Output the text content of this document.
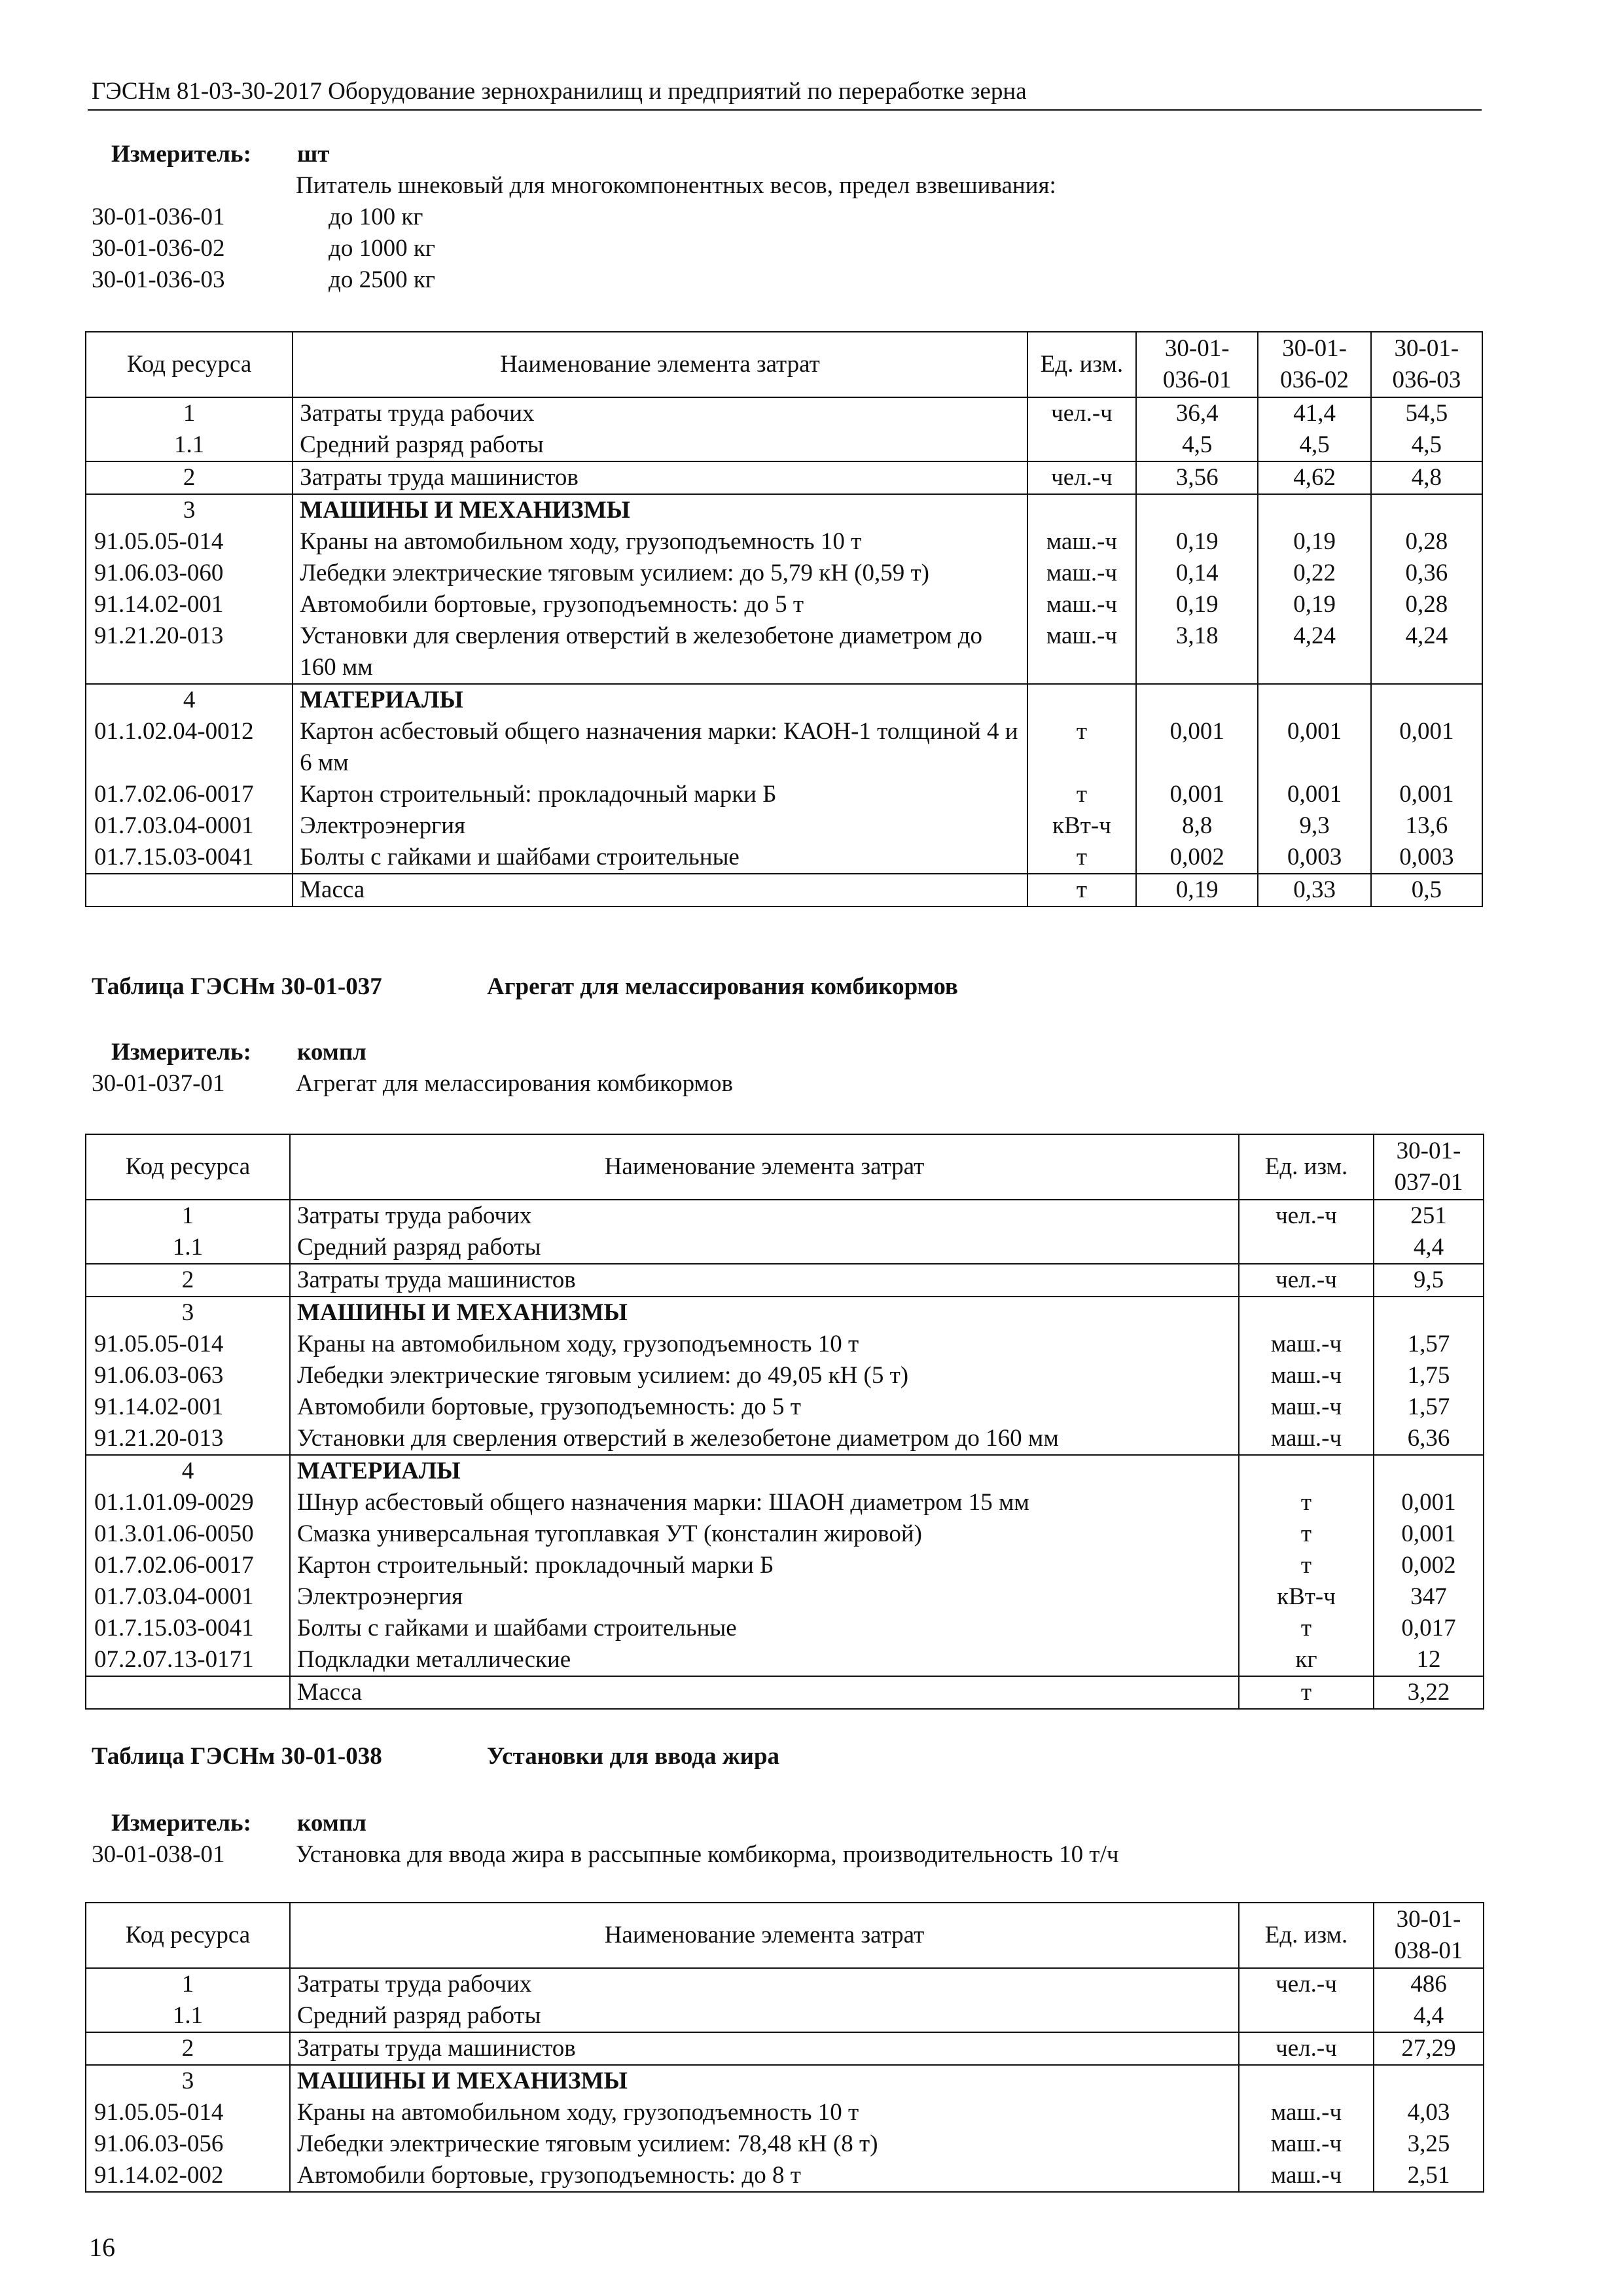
ГЭСНм 81-03-30-2017 Оборудование зернохранилищ и предприятий по переработке зерна
Измеритель: шт
Питатель шнековый для многокомпонентных весов, предел взвешивания:
30-01-036-01	до 100 кг
30-01-036-02	до 1000 кг
30-01-036-03	до 2500 кг
Код ресурса	Наименование элемента затрат	Ед. изм.	30-01-036-01	30-01-036-02	30-01-036-03
1	Затраты труда рабочих	чел.-ч	36,4	41,4	54,5
1.1	Средний разряд работы		4,5	4,5	4,5
2	Затраты труда машинистов	чел.-ч	3,56	4,62	4,8
3	МАШИНЫ И МЕХАНИЗМЫ				
91.05.05-014	Краны на автомобильном ходу, грузоподъемность 10 т	маш.-ч	0,19	0,19	0,28
91.06.03-060	Лебедки электрические тяговым усилием: до 5,79 кН (0,59 т)	маш.-ч	0,14	0,22	0,36
91.14.02-001	Автомобили бортовые, грузоподъемность: до 5 т	маш.-ч	0,19	0,19	0,28
91.21.20-013	Установки для сверления отверстий в железобетоне диаметром до 160 мм	маш.-ч	3,18	4,24	4,24
4	МАТЕРИАЛЫ				
01.1.02.04-0012	Картон асбестовый общего назначения марки: КАОН-1 толщиной 4 и 6 мм	т	0,001	0,001	0,001
01.7.02.06-0017	Картон строительный: прокладочный марки Б	т	0,001	0,001	0,001
01.7.03.04-0001	Электроэнергия	кВт-ч	8,8	9,3	13,6
01.7.15.03-0041	Болты с гайками и шайбами строительные	т	0,002	0,003	0,003
	Масса	т	0,19	0,33	0,5
Таблица ГЭСНм 30-01-037	Агрегат для мелассирования комбикормов
Измеритель: компл
30-01-037-01	Агрегат для мелассирования комбикормов
Код ресурса	Наименование элемента затрат	Ед. изм.	30-01-037-01
1	Затраты труда рабочих	чел.-ч	251
1.1	Средний разряд работы		4,4
2	Затраты труда машинистов	чел.-ч	9,5
3	МАШИНЫ И МЕХАНИЗМЫ		
91.05.05-014	Краны на автомобильном ходу, грузоподъемность 10 т	маш.-ч	1,57
91.06.03-063	Лебедки электрические тяговым усилием: до 49,05 кН (5 т)	маш.-ч	1,75
91.14.02-001	Автомобили бортовые, грузоподъемность: до 5 т	маш.-ч	1,57
91.21.20-013	Установки для сверления отверстий в железобетоне диаметром до 160 мм	маш.-ч	6,36
4	МАТЕРИАЛЫ		
01.1.01.09-0029	Шнур асбестовый общего назначения марки: ШАОН диаметром 15 мм	т	0,001
01.3.01.06-0050	Смазка универсальная тугоплавкая УТ (консталин жировой)	т	0,001
01.7.02.06-0017	Картон строительный: прокладочный марки Б	т	0,002
01.7.03.04-0001	Электроэнергия	кВт-ч	347
01.7.15.03-0041	Болты с гайками и шайбами строительные	т	0,017
07.2.07.13-0171	Подкладки металлические	кг	12
	Масса	т	3,22
Таблица ГЭСНм 30-01-038	Установки для ввода жира
Измеритель: компл
30-01-038-01	Установка для ввода жира в рассыпные комбикорма, производительность 10 т/ч
Код ресурса	Наименование элемента затрат	Ед. изм.	30-01-038-01
1	Затраты труда рабочих	чел.-ч	486
1.1	Средний разряд работы		4,4
2	Затраты труда машинистов	чел.-ч	27,29
3	МАШИНЫ И МЕХАНИЗМЫ		
91.05.05-014	Краны на автомобильном ходу, грузоподъемность 10 т	маш.-ч	4,03
91.06.03-056	Лебедки электрические тяговым усилием: 78,48 кН (8 т)	маш.-ч	3,25
91.14.02-002	Автомобили бортовые, грузоподъемность: до 8 т	маш.-ч	2,51
16
